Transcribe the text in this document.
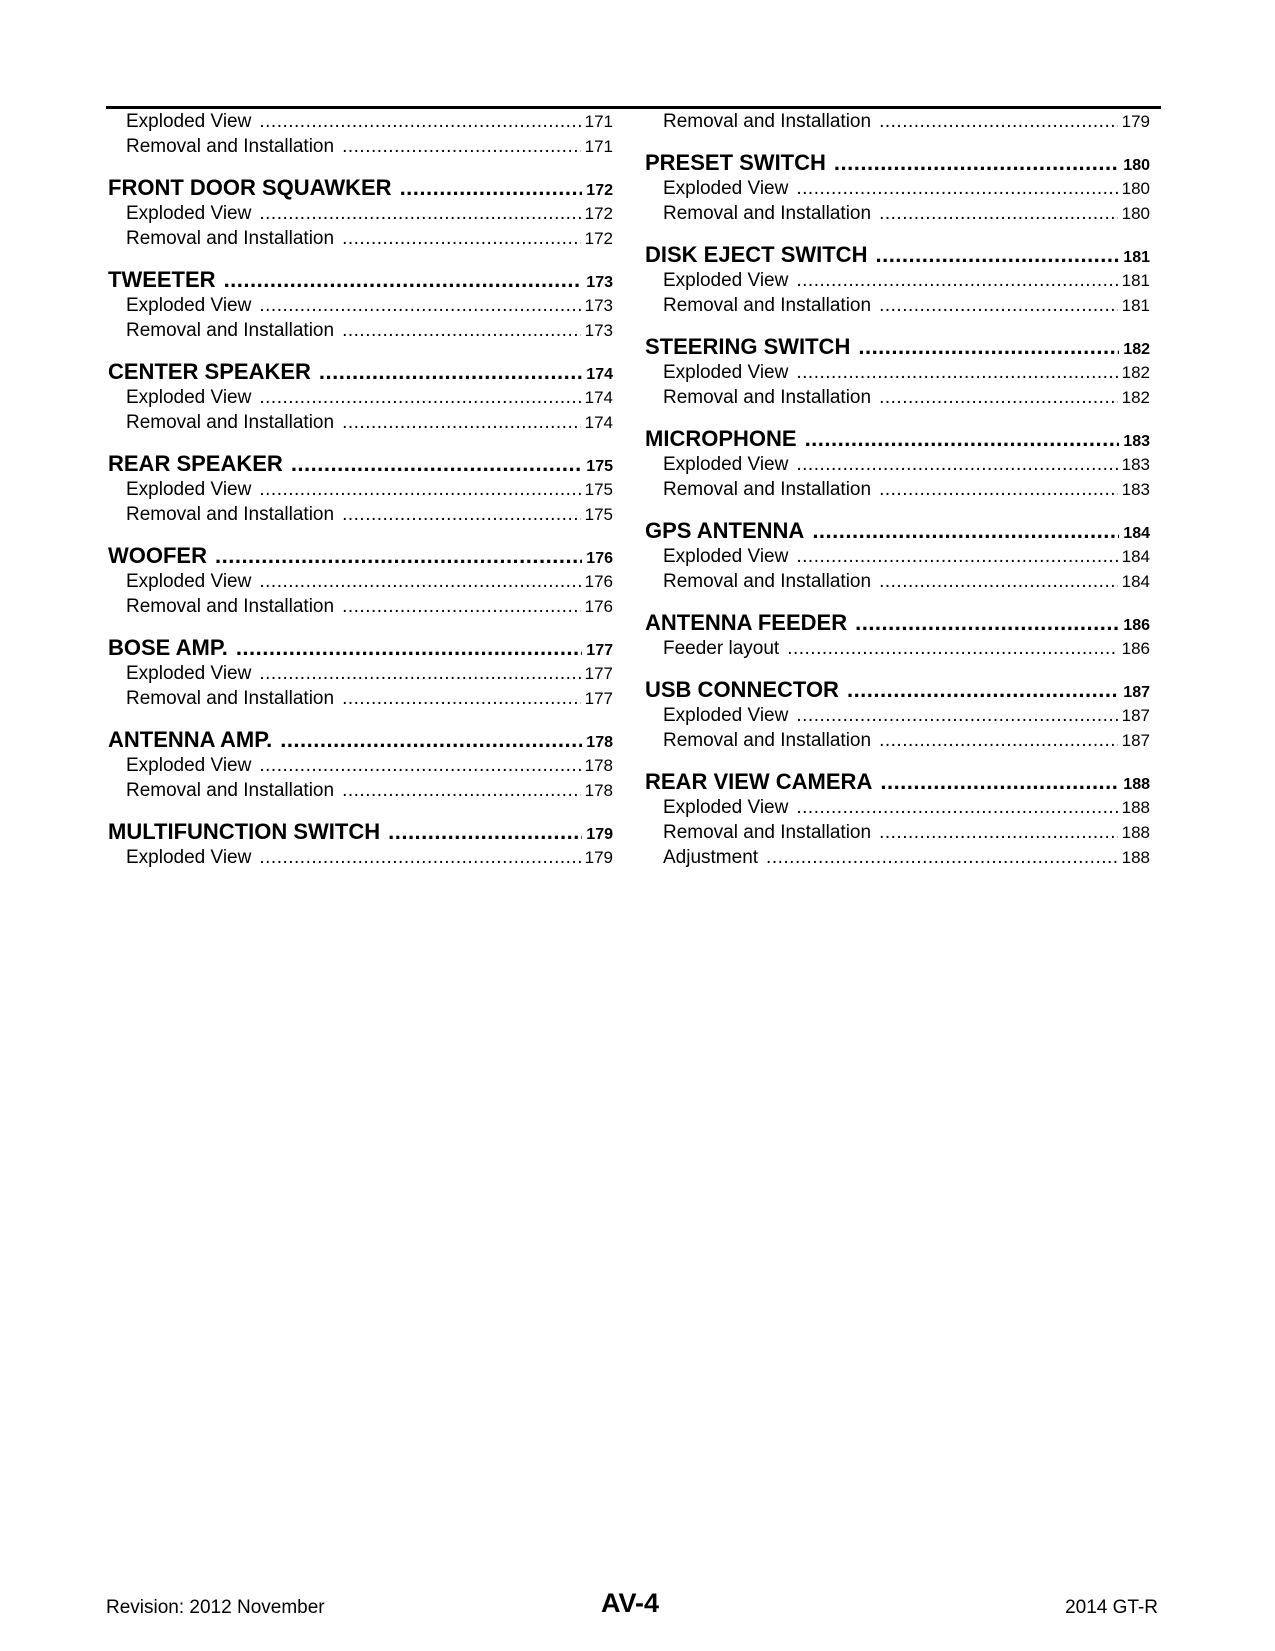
Exploded View .....	171
Removal and Installation .....	171
FRONT DOOR SQUAWKER .....	172
Exploded View .....	172
Removal and Installation .....	172
TWEETER .....	173
Exploded View .....	173
Removal and Installation .....	173
CENTER SPEAKER .....	174
Exploded View .....	174
Removal and Installation .....	174
REAR SPEAKER .....	175
Exploded View .....	175
Removal and Installation .....	175
WOOFER .....	176
Exploded View .....	176
Removal and Installation .....	176
BOSE AMP. .....	177
Exploded View .....	177
Removal and Installation .....	177
ANTENNA AMP. .....	178
Exploded View .....	178
Removal and Installation .....	178
MULTIFUNCTION SWITCH .....	179
Exploded View .....	179
Removal and Installation .....	179
PRESET SWITCH .....	180
Exploded View .....	180
Removal and Installation .....	180
DISK EJECT SWITCH .....	181
Exploded View .....	181
Removal and Installation .....	181
STEERING SWITCH .....	182
Exploded View .....	182
Removal and Installation .....	182
MICROPHONE .....	183
Exploded View .....	183
Removal and Installation .....	183
GPS ANTENNA .....	184
Exploded View .....	184
Removal and Installation .....	184
ANTENNA FEEDER .....	186
Feeder layout .....	186
USB CONNECTOR .....	187
Exploded View .....	187
Removal and Installation .....	187
REAR VIEW CAMERA .....	188
Exploded View .....	188
Removal and Installation .....	188
Adjustment .....	188
Revision: 2012 November	AV-4	2014 GT-R
